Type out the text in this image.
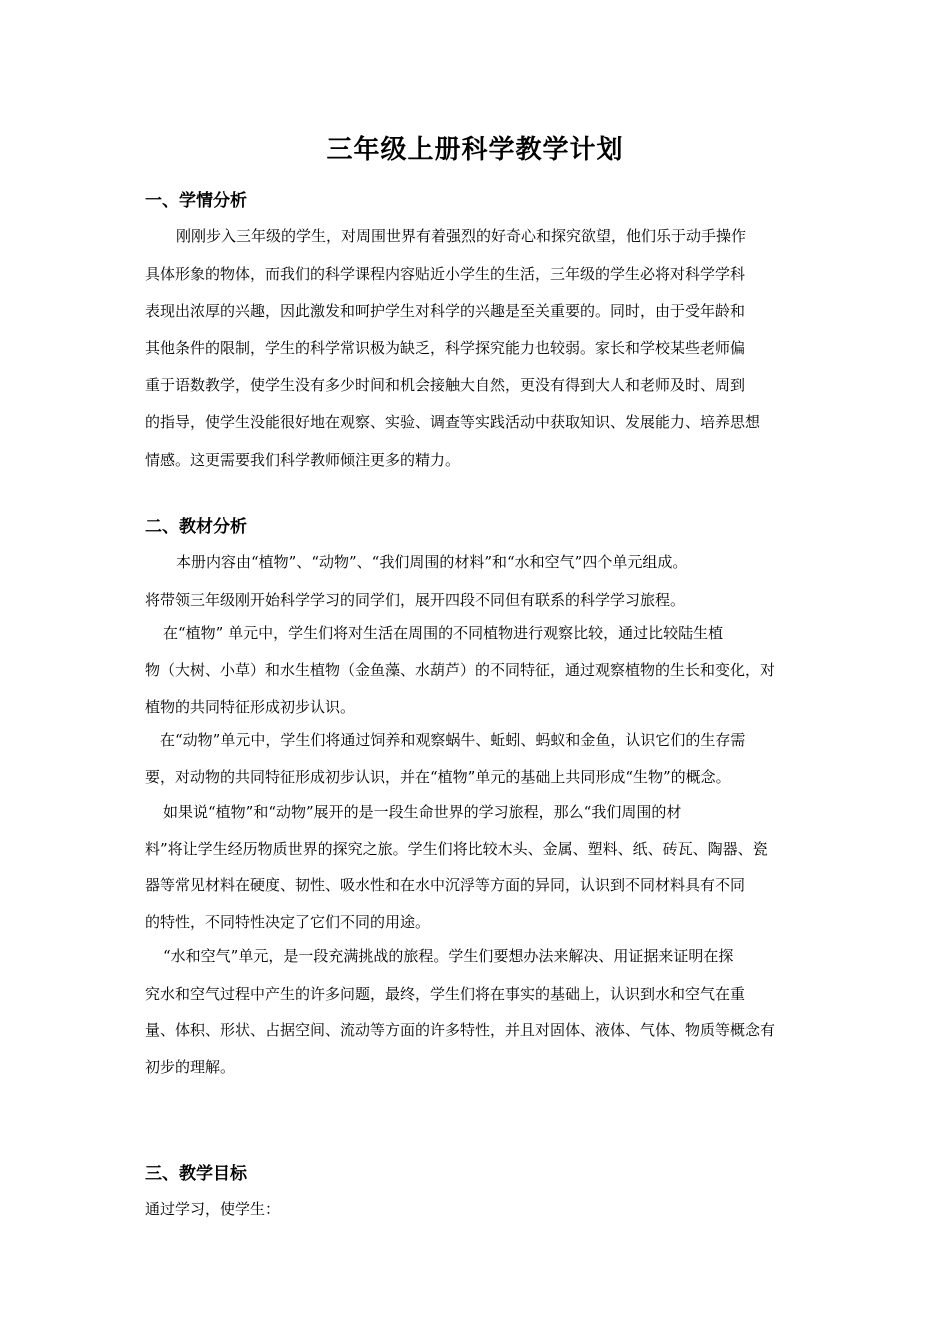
三年级上册科学教学计划
一、学情分析
刚刚步入三年级的学生，对周围世界有着强烈的好奇心和探究欲望，他们乐于动手操作
具体形象的物体，而我们的科学课程内容贴近小学生的生活，三年级的学生必将对科学学科
表现出浓厚的兴趣，因此激发和呵护学生对科学的兴趣是至关重要的。同时，由于受年龄和
其他条件的限制，学生的科学常识极为缺乏，科学探究能力也较弱。家长和学校某些老师偏
重于语数教学，使学生没有多少时间和机会接触大自然，更没有得到大人和老师及时、周到
的指导，使学生没能很好地在观察、实验、调查等实践活动中获取知识、发展能力、培养思想
情感。这更需要我们科学教师倾注更多的精力。
二、教材分析
本册内容由“植物”、“动物”、“我们周围的材料”和“水和空气”四个单元组成。
将带领三年级刚开始科学学习的同学们，展开四段不同但有联系的科学学习旅程。
在“植物” 单元中，学生们将对生活在周围的不同植物进行观察比较，通过比较陆生植
物（大树、小草）和水生植物（金鱼藻、水葫芦）的不同特征，通过观察植物的生长和变化，对
植物的共同特征形成初步认识。
在“动物”单元中，学生们将通过饲养和观察蜗牛、蚯蚓、蚂蚁和金鱼，认识它们的生存需
要，对动物的共同特征形成初步认识，并在“植物”单元的基础上共同形成“生物”的概念。
如果说“植物”和“动物”展开的是一段生命世界的学习旅程，那么“我们周围的材
料”将让学生经历物质世界的探究之旅。学生们将比较木头、金属、塑料、纸、砖瓦、陶器、瓷
器等常见材料在硬度、韧性、吸水性和在水中沉浮等方面的异同，认识到不同材料具有不同
的特性，不同特性决定了它们不同的用途。
“水和空气”单元，是一段充满挑战的旅程。学生们要想办法来解决、用证据来证明在探
究水和空气过程中产生的许多问题，最终，学生们将在事实的基础上，认识到水和空气在重
量、体积、形状、占据空间、流动等方面的许多特性，并且对固体、液体、气体、物质等概念有
初步的理解。
三、教学目标
通过学习，使学生：
